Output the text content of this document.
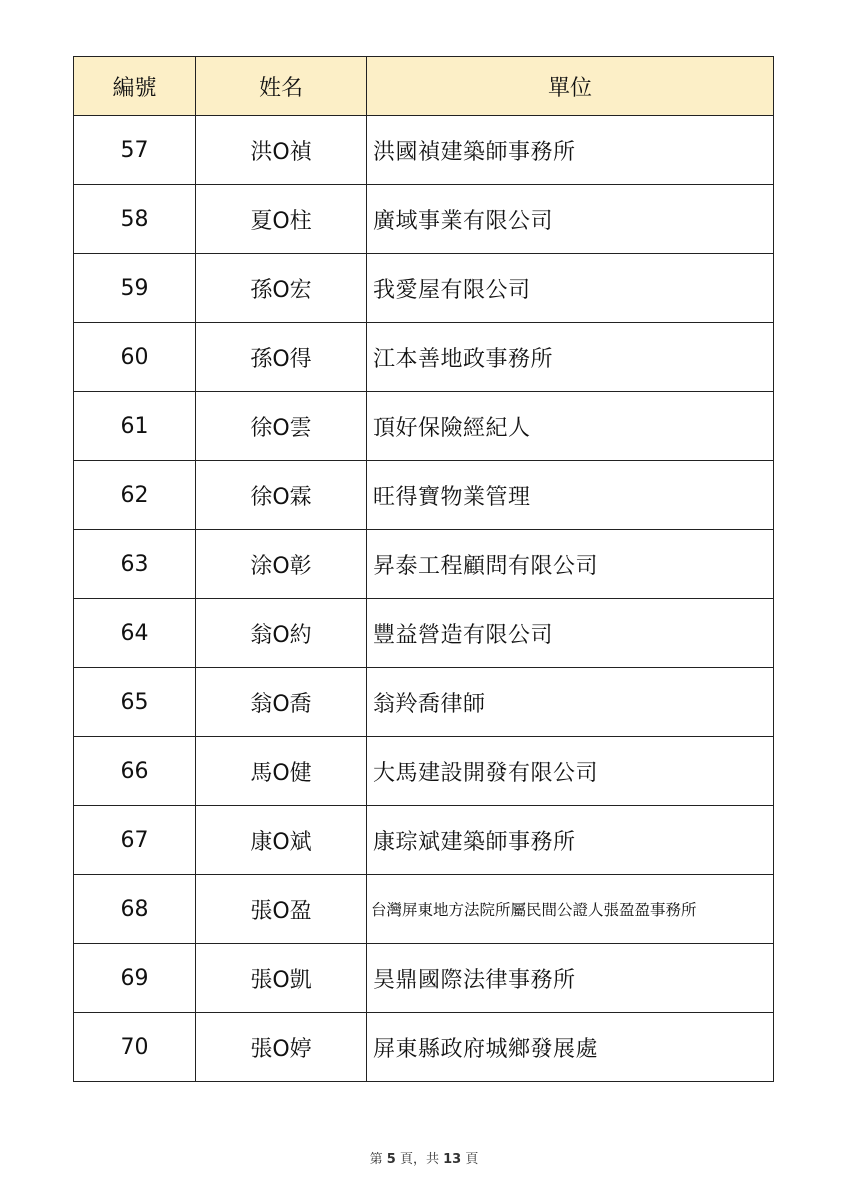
編號	姓名	單位
57	洪O禎	洪國禎建築師事務所
58	夏O柱	廣域事業有限公司
59	孫O宏	我愛屋有限公司
60	孫O得	江本善地政事務所
61	徐O雲	頂好保險經紀人
62	徐O霖	旺得寶物業管理
63	涂O彰	昇泰工程顧問有限公司
64	翁O約	豐益營造有限公司
65	翁O喬	翁羚喬律師
66	馬O健	大馬建設開發有限公司
67	康O斌	康琮斌建築師事務所
68	張O盈	台灣屏東地方法院所屬民間公證人張盈盈事務所
69	張O凱	昊鼎國際法律事務所
70	張O婷	屏東縣政府城鄉發展處
第 5 頁，共 13 頁
